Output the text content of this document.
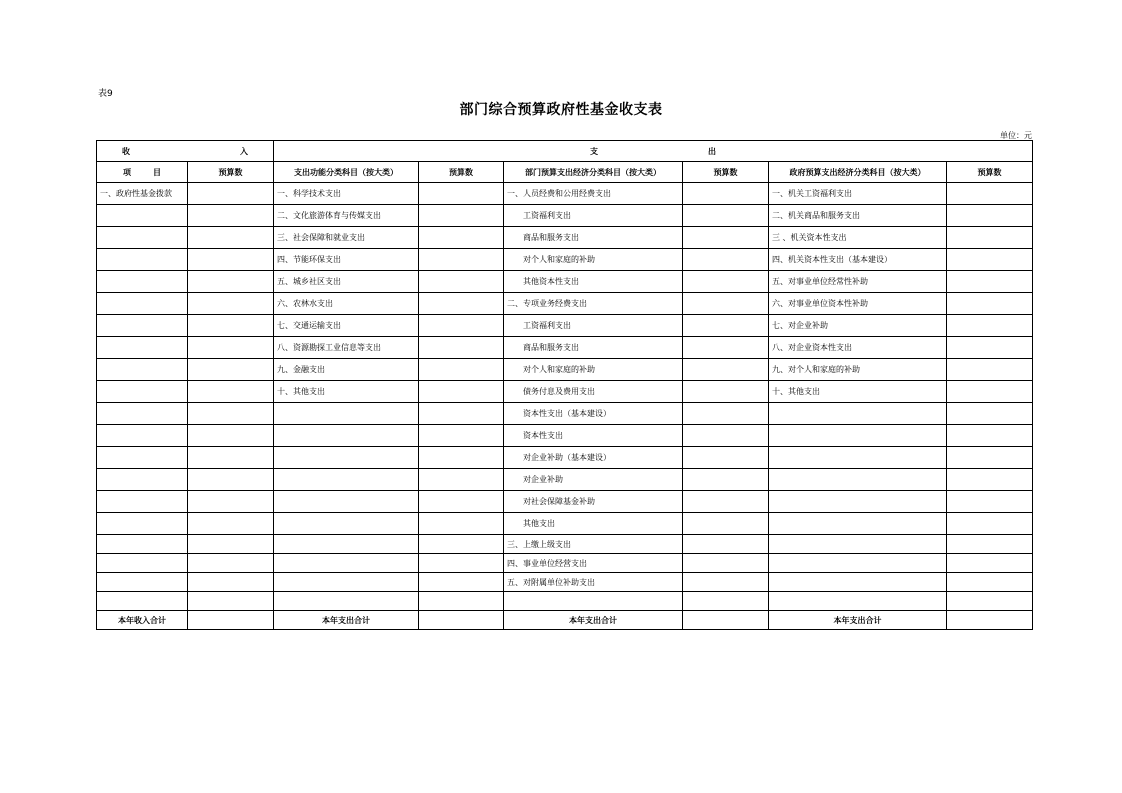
表9
部门综合预算政府性基金收支表
单位：元
收 入		支 出					
项 目	预算数	支出功能分类科目（按大类）	预算数	部门预算支出经济分类科目（按大类）	预算数	政府预算支出经济分类科目（按大类）	预算数
一、政府性基金拨款		一、科学技术支出		一、人员经费和公用经费支出		一、机关工资福利支出	
		二、文化旅游体育与传媒支出		工资福利支出		二、机关商品和服务支出	
		三、社会保障和就业支出		商品和服务支出		三 、机关资本性支出	
		四、节能环保支出		对个人和家庭的补助		四、机关资本性支出（基本建设）	
		五、城乡社区支出		其他资本性支出		五、对事业单位经常性补助	
		六、农林水支出		二、专项业务经费支出		六、对事业单位资本性补助	
		七、交通运输支出		工资福利支出		七、对企业补助	
		八、资源勘探工业信息等支出		商品和服务支出		八、对企业资本性支出	
		九、金融支出		对个人和家庭的补助		九、对个人和家庭的补助	
		十、其他支出		债务付息及费用支出		十、其他支出	
				资本性支出（基本建设）			
				资本性支出			
				对企业补助（基本建设）			
				对企业补助			
				对社会保障基金补助			
				其他支出			
				三、上缴上级支出			
				四、事业单位经营支出			
				五、对附属单位补助支出			

本年收入合计		本年支出合计		本年支出合计		本年支出合计	
